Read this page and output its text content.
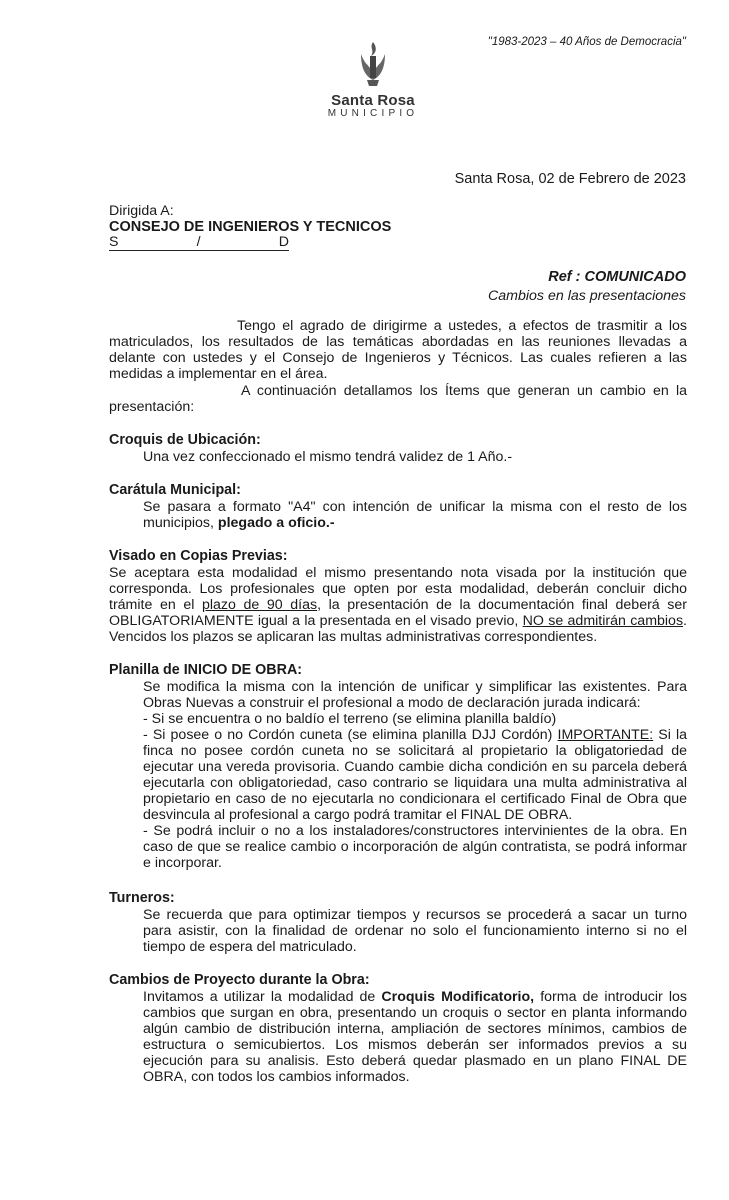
"1983-2023 – 40 Años de Democracia"
Santa Rosa
MUNICIPIO
Santa Rosa, 02 de Febrero de 2023
Dirigida A:
CONSEJO DE INGENIEROS Y TECNICOS
S	/	D
Ref : COMUNICADO
Cambios en las presentaciones

Tengo el agrado de dirigirme a ustedes, a efectos de trasmitir a los matriculados, los resultados de las temáticas abordadas en las reuniones llevadas a delante con ustedes y el Consejo de Ingenieros y Técnicos. Las cuales refieren a las medidas a implementar en el área.

A continuación detallamos los Ítems que generan un cambio en la presentación:

Croquis de Ubicación:

Una vez confeccionado el mismo tendrá validez de 1 Año.-

Carátula Municipal:

Se pasara a formato "A4" con intención de unificar la misma con el resto de los municipios, plegado a oficio.-

Visado en Copias Previas:

Se aceptara esta modalidad el mismo presentando nota visada por la institución que corresponda. Los profesionales que opten por esta modalidad, deberán concluir dicho trámite en el plazo de 90 días, la presentación de la documentación final deberá ser OBLIGATORIAMENTE igual a la presentada en el visado previo, NO se admitirán cambios. Vencidos los plazos se aplicaran las multas administrativas correspondientes.

Planilla de INICIO DE OBRA:

Se modifica la misma con la intención de unificar y simplificar las existentes. Para Obras Nuevas a construir el profesional a modo de declaración jurada indicará:

- Si se encuentra o no baldío el terreno (se elimina planilla baldío)

- Si posee o no Cordón cuneta (se elimina planilla DJJ Cordón) IMPORTANTE: Si la finca no posee cordón cuneta no se solicitará al propietario la obligatoriedad de ejecutar una vereda provisoria. Cuando cambie dicha condición en su parcela deberá ejecutarla con obligatoriedad, caso contrario se liquidara una multa administrativa al propietario en caso de no ejecutarla no condicionara el certificado Final de Obra que desvincula al profesional a cargo podrá tramitar el FINAL DE OBRA.

- Se podrá incluir o no a los instaladores/constructores intervinientes de la obra. En caso de que se realice cambio o incorporación de algún contratista, se podrá informar e incorporar.

Turneros:

Se recuerda que para optimizar tiempos y recursos se procederá a sacar un turno para asistir, con la finalidad de ordenar no solo el funcionamiento interno si no el tiempo de espera del matriculado.

Cambios de Proyecto durante la Obra:

Invitamos a utilizar la modalidad de Croquis Modificatorio, forma de introducir los cambios que surgan en obra, presentando un croquis o sector en planta informando algún cambio de distribución interna, ampliación de sectores mínimos, cambios de estructura o semicubiertos. Los mismos deberán ser informados previos a su ejecución para su analisis. Esto deberá quedar plasmado en un plano FINAL DE OBRA, con todos los cambios informados.
